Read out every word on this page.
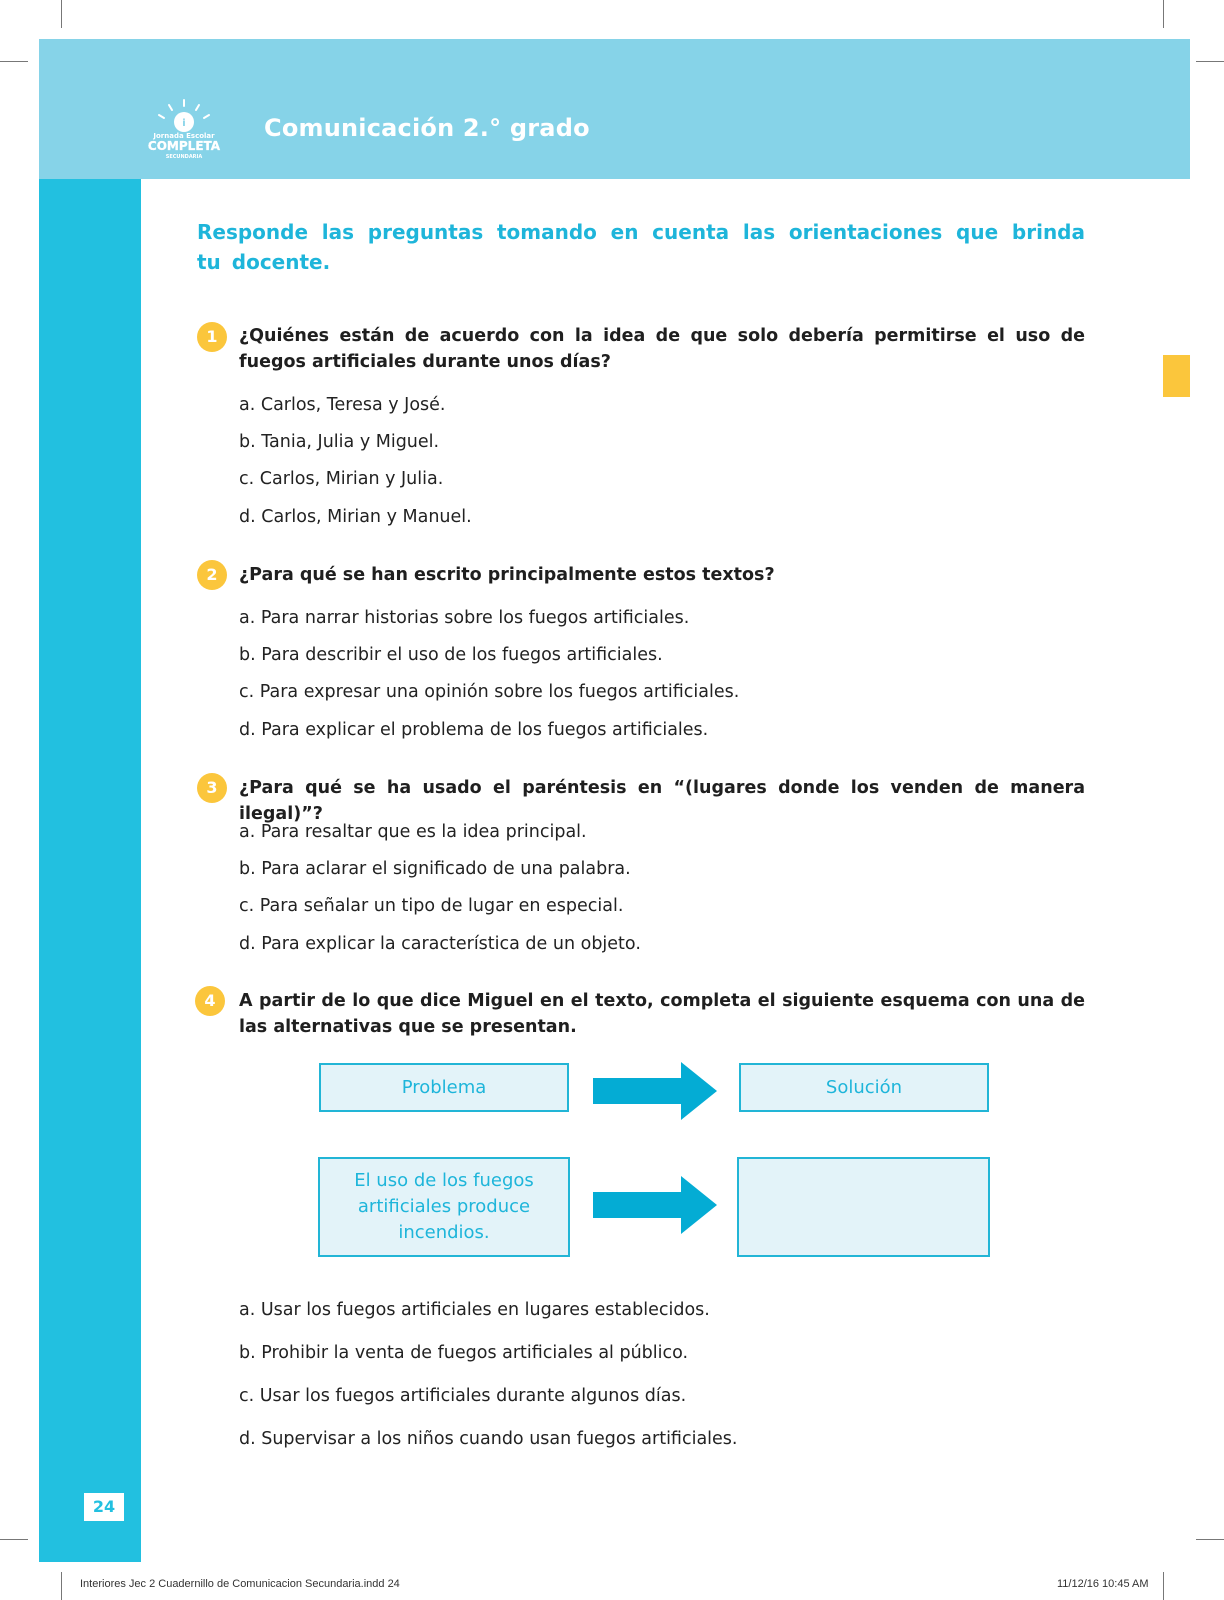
i
Jornada Escolar
COMPLETA
SECUNDARIA
Comunicación 2.° grado
24
Responde las preguntas tomando en cuenta las orientaciones que brinda tu docente.
1	¿Quiénes están de acuerdo con la idea de que solo debería permitirse el uso de fuegos artificiales durante unos días?
a. Carlos, Teresa y José.
b. Tania, Julia y Miguel.
c. Carlos, Mirian y Julia.
d. Carlos, Mirian y Manuel.
2	¿Para qué se han escrito principalmente estos textos?
a. Para narrar historias sobre los fuegos artificiales.
b. Para describir el uso de los fuegos artificiales.
c. Para expresar una opinión sobre los fuegos artificiales.
d. Para explicar el problema de los fuegos artificiales.
3	¿Para qué se ha usado el paréntesis en “(lugares donde los venden de manera ilegal)”?
a. Para resaltar que es la idea principal.
b. Para aclarar el significado de una palabra.
c. Para señalar un tipo de lugar en especial.
d. Para explicar la característica de un objeto.
4	A partir de lo que dice Miguel en el texto, completa el siguiente esquema con una de las alternativas que se presentan.
Problema	Solución
El uso de los fuegos
artificiales produce
incendios.
a. Usar los fuegos artificiales en lugares establecidos.
b. Prohibir la venta de fuegos artificiales al público.
c. Usar los fuegos artificiales durante algunos días.
d. Supervisar a los niños cuando usan fuegos artificiales.
Interiores Jec 2 Cuadernillo de Comunicacion Secundaria.indd 24	11/12/16 10:45 AM
